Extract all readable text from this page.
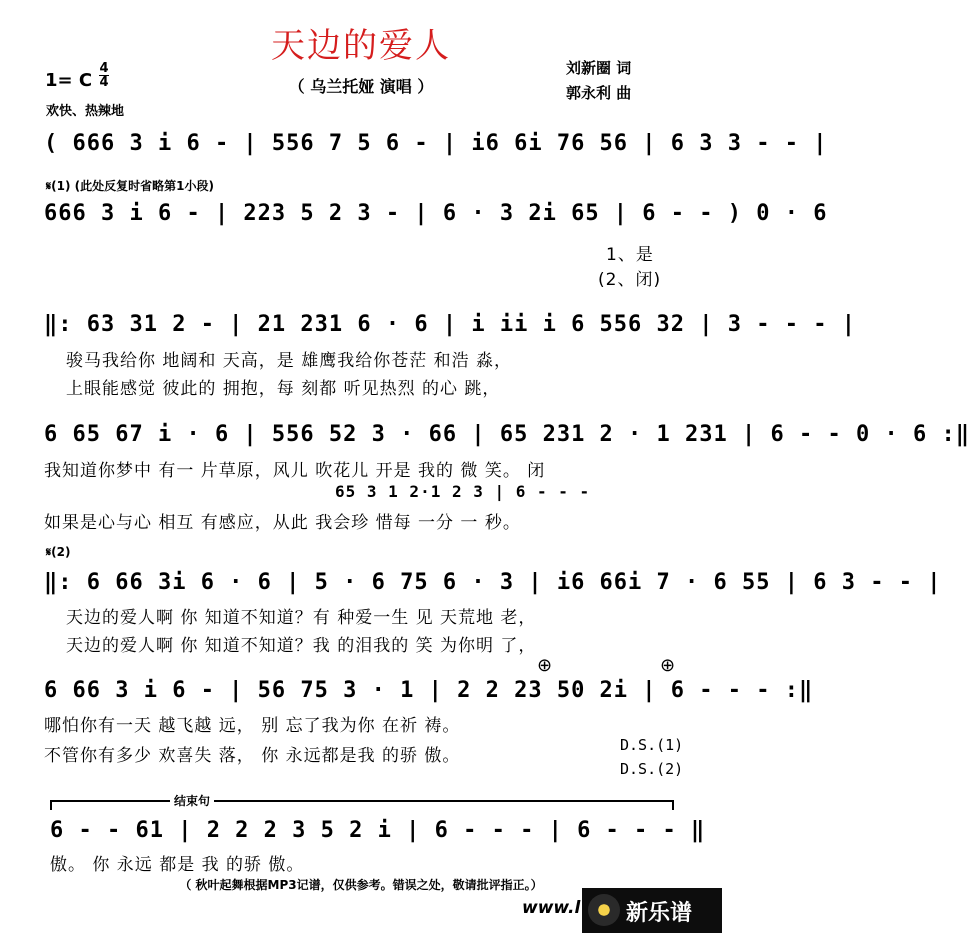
天边的爱人
（ 乌兰托娅 演唱 ）
刘新圈 词
郭永利 曲
1= C
4
4
欢快、热辣地
( 666 3 i 6 - | 556 7 5 6 - | i6 6i 76 56 | 6 3 3 - - |
𝄋(1) (此处反复时省略第1小段)
666 3 i 6 - | 223 5 2 3 - | 6 · 3 2i 65 | 6 - - ) 0 · 6
1、是
(2、闭)
‖: 63 31 2 - | 21 231 6 · 6 | i ii i 6 556 32 | 3 - - - |
骏马我给你 地阔和 天高，是 雄鹰我给你苍茫 和浩 淼，
上眼能感觉 彼此的 拥抱，每 刻都 听见热烈 的心 跳，
6 65 67 i · 6 | 556 52 3 · 66 | 65 231 2 · 1 231 | 6 - - 0 · 6 :‖
我知道你梦中 有一 片草原，风儿 吹花儿 开是 我的 微 笑。 闭
65 3 1 2·1 2 3 | 6 - - -
如果是心与心 相互 有感应，从此 我会珍 惜每 一分 一 秒。
𝄋(2)
‖: 6 66 3i 6 · 6 | 5 · 6 75 6 · 3 | i6 66i 7 · 6 55 | 6 3 - - |
天边的爱人啊 你 知道不知道？有 种爱一生 见 天荒地 老，
天边的爱人啊 你 知道不知道？我 的泪我的 笑 为你明 了，
⊕	⊕
6 66 3 i 6 - | 56 75 3 · 1 | 2 2 23 50 2i | 6 - - - :‖
哪怕你有一天 越飞越 远， 别 忘了我为你 在祈 祷。
不管你有多少 欢喜失 落， 你 永远都是我 的骄 傲。
D.S.(1)
D.S.(2)
结束句
6 - - 61 | 2 2 2 3 5 2 i | 6 - - - | 6 - - - ‖
傲。 你 永远 都是 我 的骄 傲。
（ 秋叶起舞根据MP3记谱，仅供参考。错误之处，敬请批评指正。）
www.l 新乐谱
